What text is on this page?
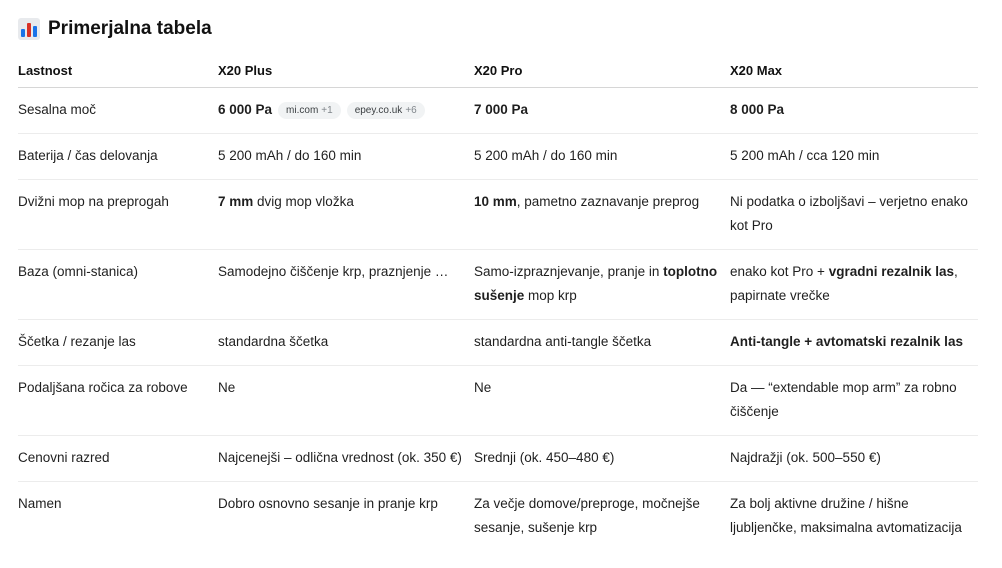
Primerjalna tabela
Lastnost	X20 Plus	X20 Pro	X20 Max
Sesalna moč	6 000 Pa mi.com +1 epey.co.uk +6	7 000 Pa	8 000 Pa
Baterija / čas delovanja	5 200 mAh / do 160 min	5 200 mAh / do 160 min	5 200 mAh / cca 120 min
Dvižni mop na preprogah	7 mm dvig mop vložka	10 mm, pametno zaznavanje preprog	Ni podatka o izboljšavi – verjetno enako kot Pro
Baza (omni-stanica)	Samodejno čiščenje krp, praznjenje …	Samo-izpraznjevanje, pranje in toplotno sušenje mop krp	enako kot Pro + vgradni rezalnik las, papirnate vrečke
Ščetka / rezanje las	standardna ščetka	standardna anti-tangle ščetka	Anti-tangle + avtomatski rezalnik las
Podaljšana ročica za robove	Ne	Ne	Da — “extendable mop arm” za robno čiščenje
Cenovni razred	Najcenejši – odlična vrednost (ok. 350 €)	Srednji (ok. 450–480 €)	Najdražji (ok. 500–550 €)
Namen	Dobro osnovno sesanje in pranje krp	Za večje domove/preproge, močnejše sesanje, sušenje krp	Za bolj aktivne družine / hišne ljubljenčke, maksimalna avtomatizacija
